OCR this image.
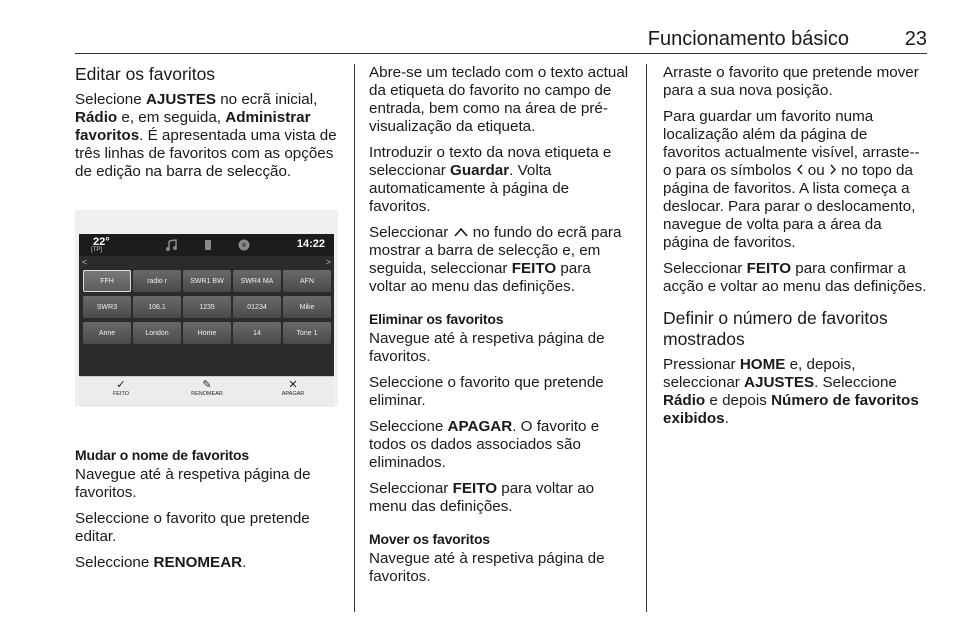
Funcionamento básico	23
Editar os favoritos

Selecione AJUSTES no ecrã inicial, Rádio e, em seguida, Administrar favoritos. É apresentada uma vista de três linhas de favoritos com as opções de edição na barra de selecção.

22°
[TP]	14:22
<	>
FFH	radio r	SWR1 BW	SWR4 MA	AFN
SWR3	106.1	1235	01234	Mike
Anne	London	Home	14	Tone 1
✓
FEITO
✎
RENOMEAR
✕
APAGAR
Mudar o nome de favoritos

Navegue até à respetiva página de favoritos.

Seleccione o favorito que pretende editar.

Seleccione RENOMEAR.

Abre-se um teclado com o texto actual da etiqueta do favorito no campo de entrada, bem como na área de pré-visualização da etiqueta.

Introduzir o texto da nova etiqueta e seleccionar Guardar. Volta automaticamente à página de favoritos.

Seleccionar  no fundo do ecrã para mostrar a barra de selecção e, em seguida, seleccionar FEITO para voltar ao menu das definições.

Eliminar os favoritos

Navegue até à respetiva página de favoritos.

Seleccione o favorito que pretende eliminar.

Seleccione APAGAR. O favorito e todos os dados associados são eliminados.

Seleccionar FEITO para voltar ao menu das definições.

Mover os favoritos

Navegue até à respetiva página de favoritos.

Arraste o favorito que pretende mover para a sua nova posição.

Para guardar um favorito numa localização além da página de favoritos actualmente visível, arraste--o para os símbolos  ou  no topo da página de favoritos. A lista começa a deslocar. Para parar o deslocamento, navegue de volta para a área da página de favoritos.

Seleccionar FEITO para confirmar a acção e voltar ao menu das definições.

Definir o número de favoritos mostrados

Pressionar HOME e, depois, seleccionar AJUSTES. Seleccione Rádio e depois Número de favoritos exibidos.
